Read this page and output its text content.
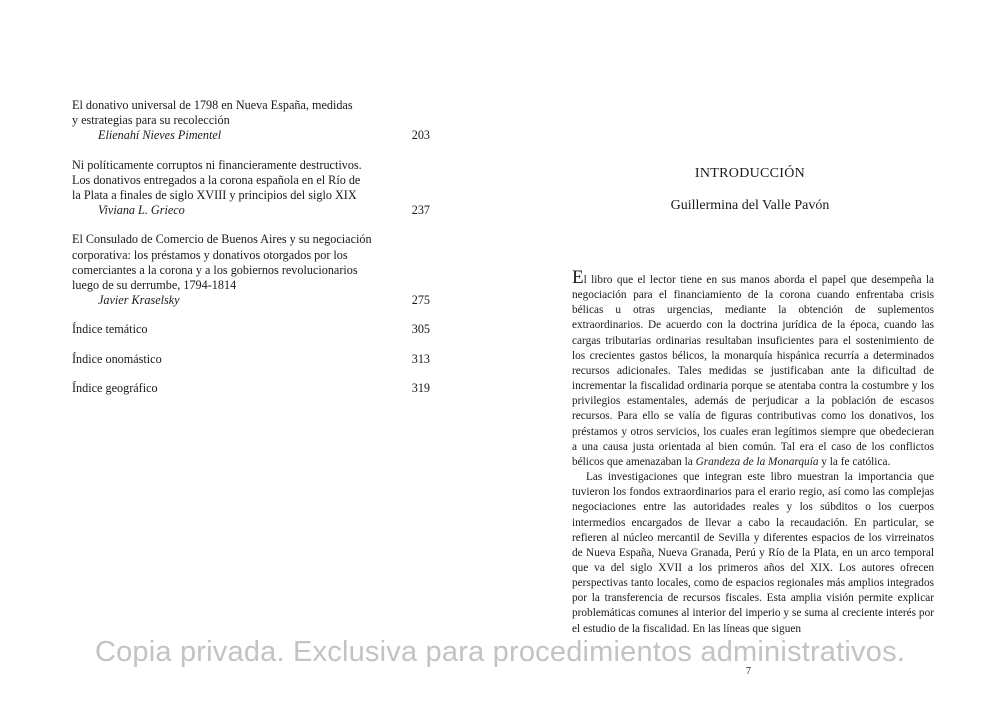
El donativo universal de 1798 en Nueva España, medidas
y estrategias para su recolección
Elienahí Nieves Pimentel	203
Ni políticamente corruptos ni financieramente destructivos.
Los donativos entregados a la corona española en el Río de
la Plata a finales de siglo XVIII y principios del siglo XIX
Viviana L. Grieco	237
El Consulado de Comercio de Buenos Aires y su negociación
corporativa: los préstamos y donativos otorgados por los
comerciantes a la corona y a los gobiernos revolucionarios
luego de su derrumbe, 1794-1814
Javier Kraselsky	275
Índice temático	305
Índice onomástico	313
Índice geográfico	319
INTRODUCCIÓN
Guillermina del Valle Pavón

El libro que el lector tiene en sus manos aborda el papel que desempeña la negociación para el financiamiento de la corona cuando enfrentaba crisis bélicas u otras urgencias, mediante la obtención de suplementos extraordinarios. De acuerdo con la doctrina jurídica de la época, cuando las cargas tributarias ordinarias resultaban insuficientes para el sostenimiento de los crecientes gastos bélicos, la monarquía hispánica recurría a determinados recursos adicionales. Tales medidas se justificaban ante la dificultad de incrementar la fiscalidad ordinaria porque se atentaba contra la costumbre y los privilegios estamentales, además de perjudicar a la población de escasos recursos. Para ello se valía de figuras contributivas como los donativos, los préstamos y otros servicios, los cuales eran legítimos siempre que obedecieran a una causa justa orientada al bien común. Tal era el caso de los conflictos bélicos que amenazaban la Grandeza de la Monarquía y la fe católica.

Las investigaciones que integran este libro muestran la importancia que tuvieron los fondos extraordinarios para el erario regio, así como las complejas negociaciones entre las autoridades reales y los súbditos o los cuerpos intermedios encargados de llevar a cabo la recaudación. En particular, se refieren al núcleo mercantil de Sevilla y diferentes espacios de los virreinatos de Nueva España, Nueva Granada, Perú y Río de la Plata, en un arco temporal que va del siglo XVII a los primeros años del XIX. Los autores ofrecen perspectivas tanto locales, como de espacios regionales más amplios integrados por la transferencia de recursos fiscales. Esta amplia visión permite explicar problemáticas comunes al interior del imperio y se suma al creciente interés por el estudio de la fiscalidad. En las líneas que siguen

7
Copia privada. Exclusiva para procedimientos administrativos.
